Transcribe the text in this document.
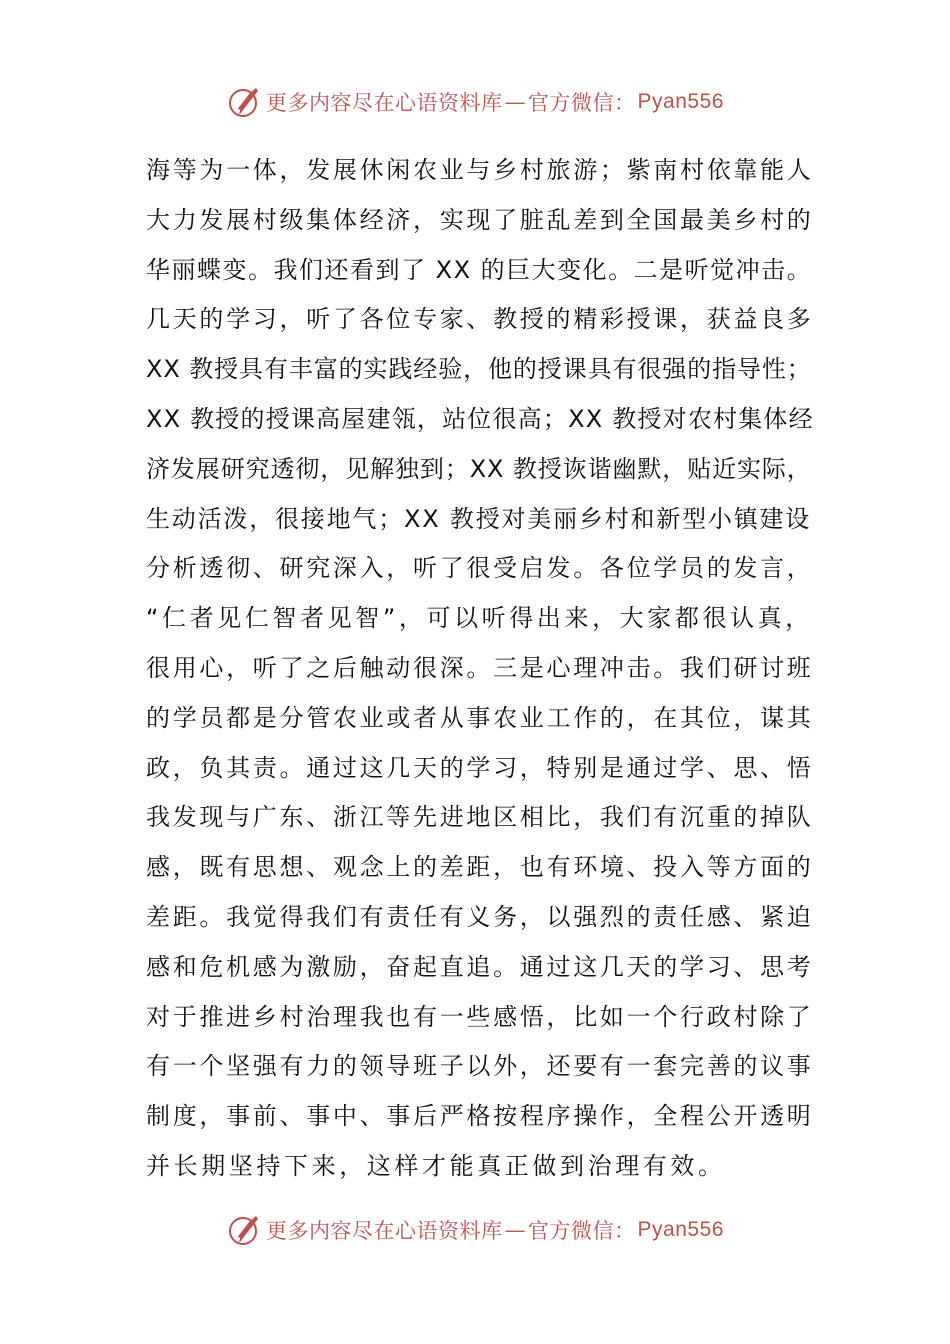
更多内容尽在心语资料库 — 官方微信： Pyan556
海等为一体，发展休闲农业与乡村旅游；紫南村依靠能人
大力发展村级集体经济，实现了脏乱差到全国最美乡村的
华丽蝶变。我们还看到了 XX 的巨大变化。二是听觉冲击。
几天的学习，听了各位专家、教授的精彩授课，获益良多
XX 教授具有丰富的实践经验，他的授课具有很强的指导性；
XX 教授的授课高屋建瓴，站位很高；XX 教授对农村集体经
济发展研究透彻，见解独到；XX 教授诙谐幽默，贴近实际，
生动活泼，很接地气；XX 教授对美丽乡村和新型小镇建设
分析透彻、研究深入，听了很受启发。各位学员的发言，
“仁者见仁智者见智”，可以听得出来，大家都很认真，
很用心，听了之后触动很深。三是心理冲击。我们研讨班
的学员都是分管农业或者从事农业工作的，在其位，谋其
政，负其责。通过这几天的学习，特别是通过学、思、悟
我发现与广东、浙江等先进地区相比，我们有沉重的掉队
感，既有思想、观念上的差距，也有环境、投入等方面的
差距。我觉得我们有责任有义务，以强烈的责任感、紧迫
感和危机感为激励，奋起直追。通过这几天的学习、思考
对于推进乡村治理我也有一些感悟，比如一个行政村除了
有一个坚强有力的领导班子以外，还要有一套完善的议事
制度，事前、事中、事后严格按程序操作，全程公开透明
并长期坚持下来，这样才能真正做到治理有效。
更多内容尽在心语资料库 — 官方微信： Pyan556
